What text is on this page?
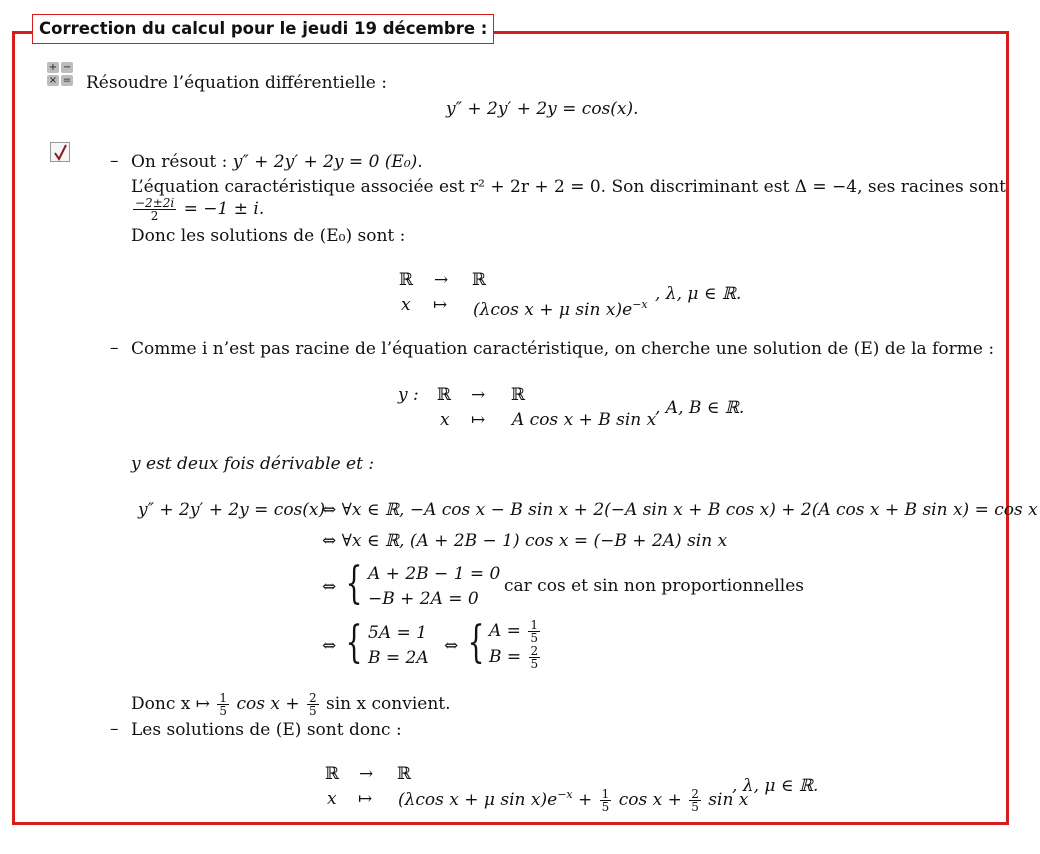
Correction du calcul pour le jeudi 19 décembre :
+ −
× = Résoudre l’équation différentielle :
y″ + 2y′ + 2y = cos(x).
– On résout : y″ + 2y′ + 2y = 0 (E₀).
L’équation caractéristique associée est r² + 2r + 2 = 0. Son discriminant est Δ = −4, ses racines sont
$\frac{-2\pm 2i}{2} = -1 \pm i$.
Donc les solutions de (E₀) sont :
ℝ → ℝ
x ↦ (λcos x + μ $\sin x)e^{-x}$
, λ, μ ∈ ℝ.
– Comme i n’est pas racine de l’équation caractéristique, on cherche une solution de (E) de la forme :
y : ℝ → ℝ
x ↦ A cos x + B sin x
, A, B ∈ ℝ.
y est deux fois dérivable et :
y″ + 2y′ + 2y = cos(x)
⇔ ∀x ∈ ℝ, −A cos x − B sin x + 2(−A sin x + B cos x) + 2(A cos x + B sin x) = cos x
⇔ ∀x ∈ ℝ, (A + 2B − 1) cos x = (−B + 2A) sin x
⇔ { A + 2B − 1 = 0
−B + 2A = 0
car cos et sin non proportionnelles
⇔ { 5A = 1
B = 2A
⇔ { $A = \frac{1}{5}$
$B = \frac{2}{5}$
Donc x ↦ $\frac{1}{5}$ $\cos x + \frac{2}{5}$ sin x convient.
– Les solutions de (E) sont donc :
ℝ → ℝ
x ↦ (λcos x + μ $\sin x)e^{-x} + \frac{1}{5}$ $\cos x + \frac{2}{5}$ sin x
, λ, μ ∈ ℝ.
